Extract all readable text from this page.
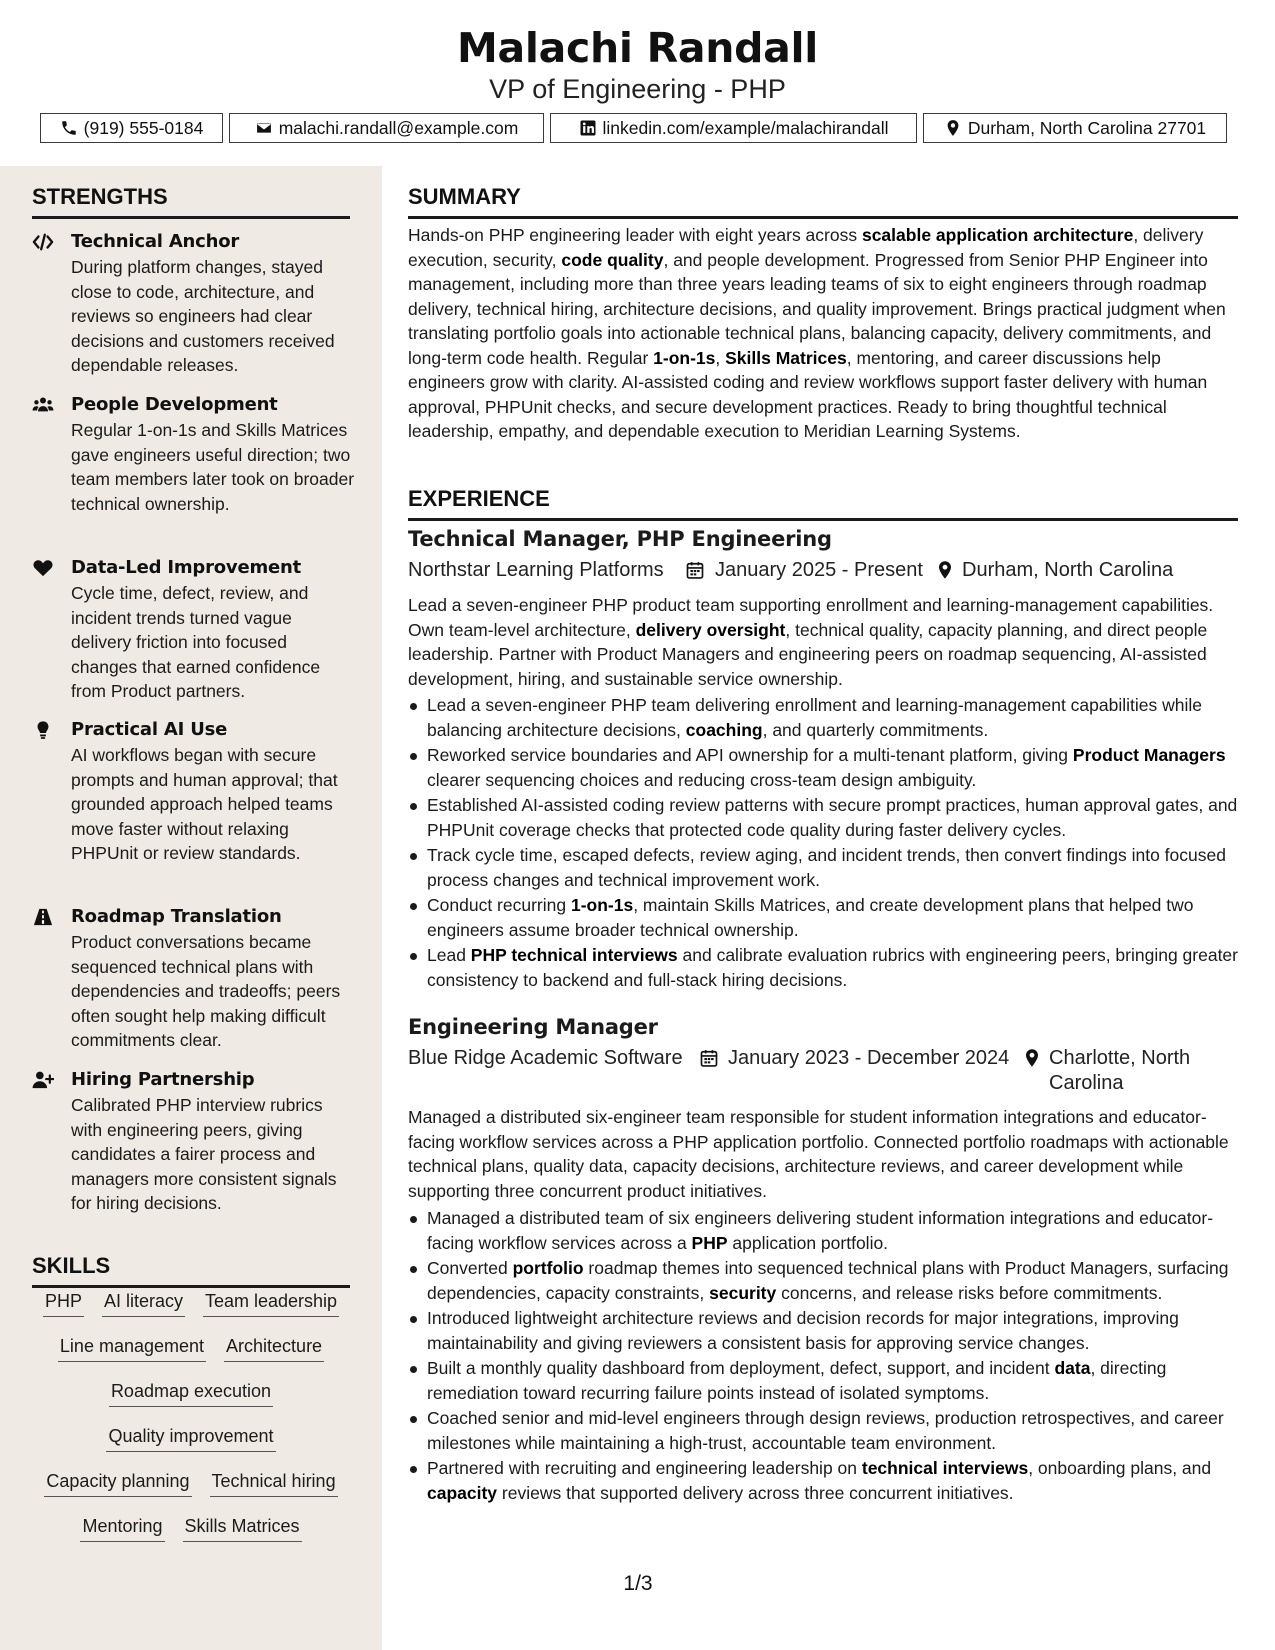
Malachi Randall
VP of Engineering - PHP
(919) 555-0184	malachi.randall@example.com	linkedin.com/example/malachirandall	Durham, North Carolina 27701
STRENGTHS
Technical Anchor
During platform changes, stayed close to code, architecture, and reviews so engineers had clear decisions and customers received dependable releases.
People Development
Regular 1-on-1s and Skills Matrices gave engineers useful direction; two team members later took on broader technical ownership.
Data-Led Improvement
Cycle time, defect, review, and incident trends turned vague delivery friction into focused changes that earned confidence from Product partners.
Practical AI Use
AI workflows began with secure prompts and human approval; that grounded approach helped teams move faster without relaxing PHPUnit or review standards.
Roadmap Translation
Product conversations became sequenced technical plans with dependencies and tradeoffs; peers often sought help making difficult commitments clear.
Hiring Partnership
Calibrated PHP interview rubrics with engineering peers, giving candidates a fairer process and managers more consistent signals for hiring decisions.
SKILLS
PHP AI literacy Team leadership
Line management Architecture
Roadmap execution
Quality improvement
Capacity planning Technical hiring
Mentoring Skills Matrices
SUMMARY
Hands-on PHP engineering leader with eight years across scalable application architecture, delivery execution, security, code quality, and people development. Progressed from Senior PHP Engineer into management, including more than three years leading teams of six to eight engineers through roadmap delivery, technical hiring, architecture decisions, and quality improvement. Brings practical judgment when translating portfolio goals into actionable technical plans, balancing capacity, delivery commitments, and long-term code health. Regular 1-on-1s, Skills Matrices, mentoring, and career discussions help engineers grow with clarity. AI-assisted coding and review workflows support faster delivery with human approval, PHPUnit checks, and secure development practices. Ready to bring thoughtful technical leadership, empathy, and dependable execution to Meridian Learning Systems.
EXPERIENCE
Technical Manager, PHP Engineering
Northstar Learning Platforms	January 2025 - Present Durham, North Carolina
Lead a seven-engineer PHP product team supporting enrollment and learning-management capabilities. Own team-level architecture, delivery oversight, technical quality, capacity planning, and direct people leadership. Partner with Product Managers and engineering peers on roadmap sequencing, AI-assisted development, hiring, and sustainable service ownership.
Lead a seven-engineer PHP team delivering enrollment and learning-management capabilities while balancing architecture decisions, coaching, and quarterly commitments.
Reworked service boundaries and API ownership for a multi-tenant platform, giving Product Managers clearer sequencing choices and reducing cross-team design ambiguity.
Established AI-assisted coding review patterns with secure prompt practices, human approval gates, and PHPUnit coverage checks that protected code quality during faster delivery cycles.
Track cycle time, escaped defects, review aging, and incident trends, then convert findings into focused process changes and technical improvement work.
Conduct recurring 1-on-1s, maintain Skills Matrices, and create development plans that helped two engineers assume broader technical ownership.
Lead PHP technical interviews and calibrate evaluation rubrics with engineering peers, bringing greater consistency to backend and full-stack hiring decisions.
Engineering Manager
Blue Ridge Academic Software January 2023 - December 2024 Charlotte, North Carolina
Managed a distributed six-engineer team responsible for student information integrations and educator-facing workflow services across a PHP application portfolio. Connected portfolio roadmaps with actionable technical plans, quality data, capacity decisions, architecture reviews, and career development while supporting three concurrent product initiatives.
Managed a distributed team of six engineers delivering student information integrations and educator-facing workflow services across a PHP application portfolio.
Converted portfolio roadmap themes into sequenced technical plans with Product Managers, surfacing dependencies, capacity constraints, security concerns, and release risks before commitments.
Introduced lightweight architecture reviews and decision records for major integrations, improving maintainability and giving reviewers a consistent basis for approving service changes.
Built a monthly quality dashboard from deployment, defect, support, and incident data, directing remediation toward recurring failure points instead of isolated symptoms.
Coached senior and mid-level engineers through design reviews, production retrospectives, and career milestones while maintaining a high-trust, accountable team environment.
Partnered with recruiting and engineering leadership on technical interviews, onboarding plans, and capacity reviews that supported delivery across three concurrent initiatives.
1/3
